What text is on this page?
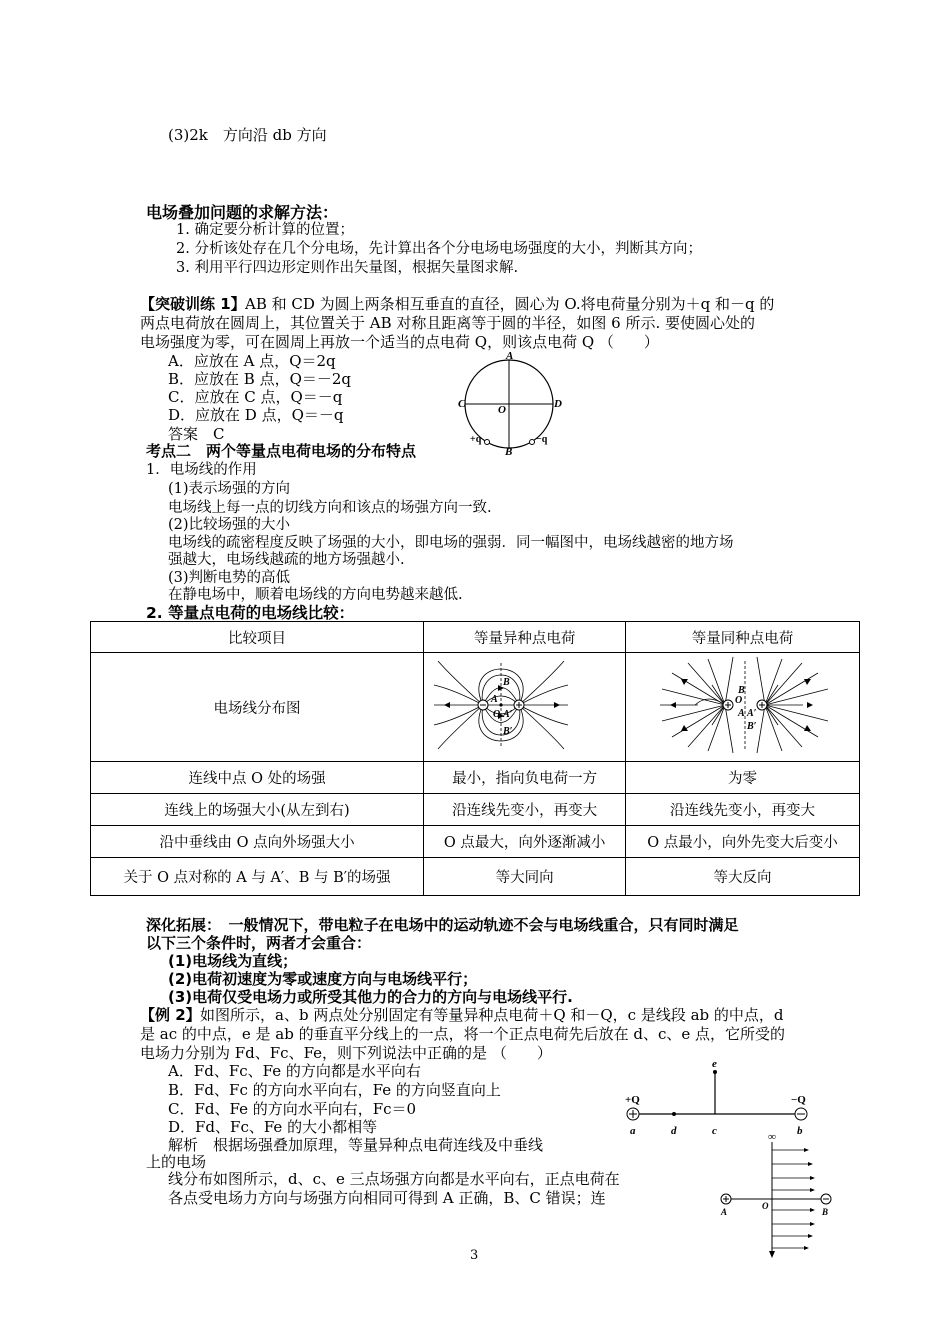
(3)2k　方向沿 db 方向
电场叠加问题的求解方法：
1. 确定要分析计算的位置；
2. 分析该处存在几个分电场，先计算出各个分电场电场强度的大小，判断其方向；
3. 利用平行四边形定则作出矢量图，根据矢量图求解.
【突破训练 1】 AB 和 CD 为圆上两条相互垂直的直径，圆心为 O.将电荷量分别为＋q 和－q 的
两点电荷放在圆周上，其位置关于 AB 对称且距离等于圆的半径，如图 6 所示. 要使圆心处的
电场强度为零，可在圆周上再放一个适当的点电荷 Q，则该点电荷 Q （　　）
A．应放在 A 点，Q＝2q
B．应放在 B 点，Q＝－2q
C．应放在 C 点，Q＝－q
D．应放在 D 点，Q＝－q
答案　C
A
B
C	D
O
+q	−q
考点二　两个等量点电荷电场的分布特点
1．电场线的作用
(1)表示场强的方向
电场线上每一点的切线方向和该点的场强方向一致.
(2)比较场强的大小
电场线的疏密程度反映了场强的大小，即电场的强弱．同一幅图中，电场线越密的地方场
强越大，电场线越疏的地方场强越小.
(3)判断电势的高低
在静电场中，顺着电场线的方向电势越来越低.
2. 等量点电荷的电场线比较：
比较项目	等量异种点电荷	等量同种点电荷
电场线分布图	B
A
O A′
B′	B
O
A A′
B′

连线中点 O 处的场强	最小，指向负电荷一方	为零
连线上的场强大小(从左到右)	沿连线先变小，再变大	沿连线先变小，再变大
沿中垂线由 O 点向外场强大小	O 点最大，向外逐渐减小	O 点最小，向外先变大后变小
关于 O 点对称的 A 与 A′、B 与 B′的场强	等大同向	等大反向
深化拓展：　一般情况下，带电粒子在电场中的运动轨迹不会与电场线重合，只有同时满足
以下三个条件时，两者才会重合：
(1)电场线为直线；
(2)电荷初速度为零或速度方向与电场线平行；
(3)电荷仅受电场力或所受其他力的合力的方向与电场线平行.
【例 2】 如图所示，a、b 两点处分别固定有等量异种点电荷＋Q 和－Q，c 是线段 ab 的中点，d
是 ac 的中点，e 是 ab 的垂直平分线上的一点，将一个正点电荷先后放在 d、c、e 点，它所受的
电场力分别为 Fd、Fc、Fe，则下列说法中正确的是 （　　）
A．Fd、Fc、Fe 的方向都是水平向右
B．Fd、Fc 的方向水平向右，Fe 的方向竖直向上
C．Fd、Fe 的方向水平向右，Fc＝0
D．Fd、Fc、Fe 的大小都相等
解析　根据场强叠加原理，等量异种点电荷连线及中垂线
上的电场
线分布如图所示，d、c、e 三点场强方向都是水平向右，正点电荷在
各点受电场力方向与场强方向相同可得到 A 正确，B、C 错误；连
e
+Q	−Q
a	d	c	b
∞
A
O
B
3
